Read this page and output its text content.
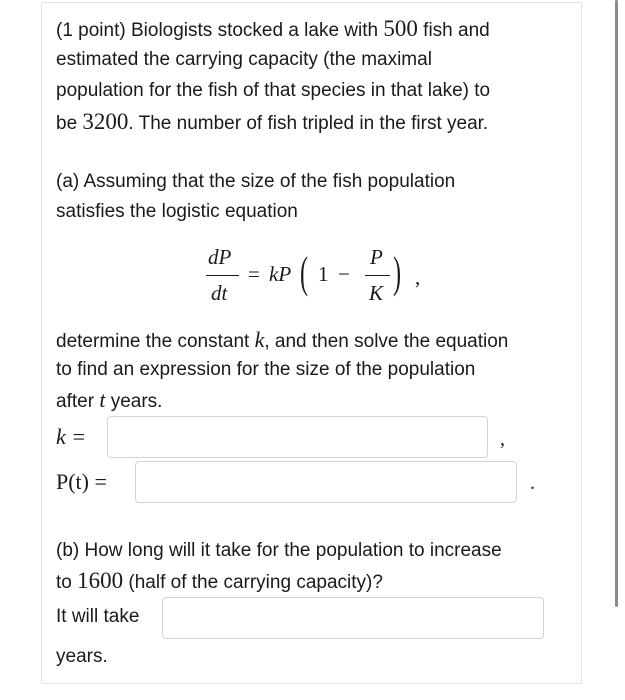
(1 point) Biologists stocked a lake with 500 fish and
estimated the carrying capacity (the maximal
population for the fish of that species in that lake) to
be 3200. The number of fish tripled in the first year.
(a) Assuming that the size of the fish population
satisfies the logistic equation
dP
dt
= kP ( 1 −
P
K ) ,
determine the constant k, and then solve the equation
to find an expression for the size of the population
after t years.
k =	,
P(t) =	.
(b) How long will it take for the population to increase
to 1600 (half of the carrying capacity)?
It will take
years.
